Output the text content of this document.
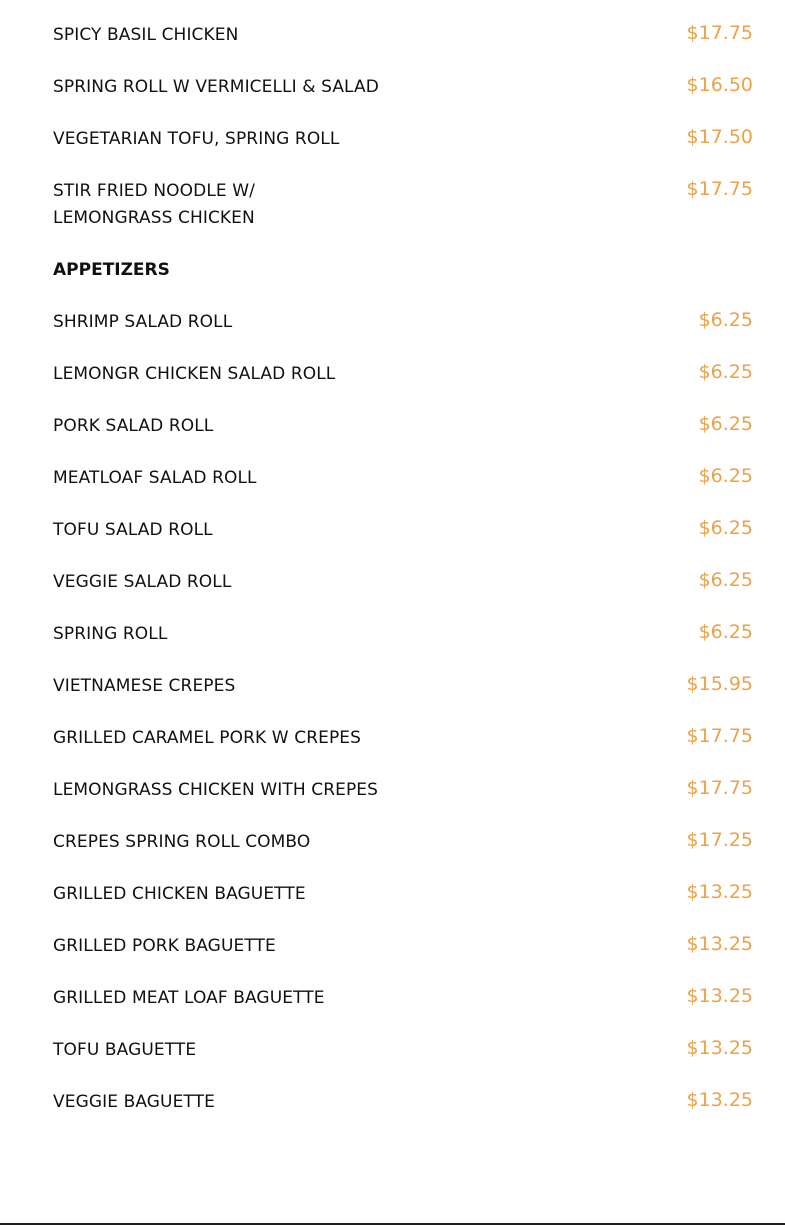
SPICY BASIL CHICKEN	$17.75
SPRING ROLL W VERMICELLI & SALAD	$16.50
VEGETARIAN TOFU, SPRING ROLL	$17.50
STIR FRIED NOODLE W/
LEMONGRASS CHICKEN
$17.75
APPETIZERS
SHRIMP SALAD ROLL	$6.25
LEMONGR CHICKEN SALAD ROLL	$6.25
PORK SALAD ROLL	$6.25
MEATLOAF SALAD ROLL	$6.25
TOFU SALAD ROLL	$6.25
VEGGIE SALAD ROLL	$6.25
SPRING ROLL	$6.25
VIETNAMESE CREPES	$15.95
GRILLED CARAMEL PORK W CREPES	$17.75
LEMONGRASS CHICKEN WITH CREPES	$17.75
CREPES SPRING ROLL COMBO	$17.25
GRILLED CHICKEN BAGUETTE	$13.25
GRILLED PORK BAGUETTE	$13.25
GRILLED MEAT LOAF BAGUETTE	$13.25
TOFU BAGUETTE	$13.25
VEGGIE BAGUETTE	$13.25
